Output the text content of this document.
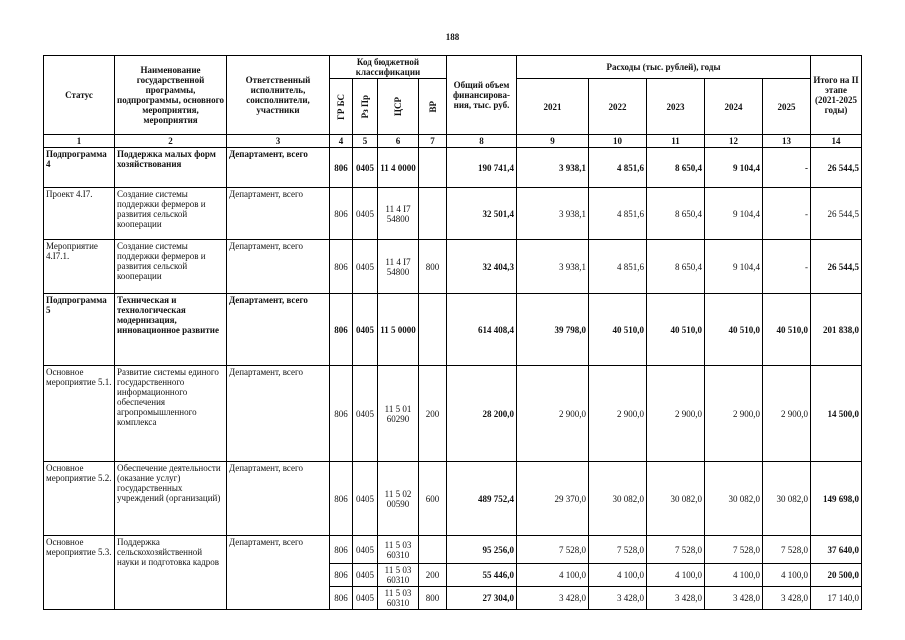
188
Статус	Наименование государственной программы, подпрограммы, основного мероприятия, мероприятия	Ответственный исполнитель, соисполнители, участники	Код бюджетной классификации				Общий объем финансирова-ния, тыс. руб.	Расходы (тыс. рублей), годы					Итого на II этапе (2021-2025 годы)

			ГР БС	Рз Пр	ЦСР	ВР		2021	2022	2023	2024	2025	
1	2	3	4	5	6	7	8	9	10	11	12	13	14
Подпрограмма 4	Поддержка малых форм хозяйствования	Департамент, всего	806	0405	11 4 0000		190 741,4	3 938,1	4 851,6	8 650,4	9 104,4	-	26 544,5
Проект 4.I7.	Создание системы поддержки фермеров и развития сельской кооперации	Департамент, всего	806	0405	11 4 I7 54800		32 501,4	3 938,1	4 851,6	8 650,4	9 104,4	-	26 544,5
Мероприятие 4.I7.1.	Создание системы поддержки фермеров и развития сельской кооперации	Департамент, всего	806	0405	11 4 I7 54800	800	32 404,3	3 938,1	4 851,6	8 650,4	9 104,4	-	26 544,5
Подпрограмма 5	Техническая и технологическая модернизация, инновационное развитие	Департамент, всего	806	0405	11 5 0000		614 408,4	39 798,0	40 510,0	40 510,0	40 510,0	40 510,0	201 838,0
Основное мероприятие 5.1.	Развитие системы единого государственного информационного обеспечения агропромышленного комплекса	Департамент, всего	806	0405	11 5 01 60290	200	28 200,0	2 900,0	2 900,0	2 900,0	2 900,0	2 900,0	14 500,0
Основное мероприятие 5.2.	Обеспечение деятельности (оказание услуг) государственных учреждений (организаций)	Департамент, всего	806	0405	11 5 02 00590	600	489 752,4	29 370,0	30 082,0	30 082,0	30 082,0	30 082,0	149 698,0
Основное мероприятие 5.3.	Поддержка сельскохозяйственной науки и подготовка кадров	Департамент, всего	806	0405	11 5 03 60310		95 256,0	7 528,0	7 528,0	7 528,0	7 528,0	7 528,0	37 640,0
			806	0405	11 5 03 60310	200	55 446,0	4 100,0	4 100,0	4 100,0	4 100,0	4 100,0	20 500,0
			806	0405	11 5 03 60310	800	27 304,0	3 428,0	3 428,0	3 428,0	3 428,0	3 428,0	17 140,0
